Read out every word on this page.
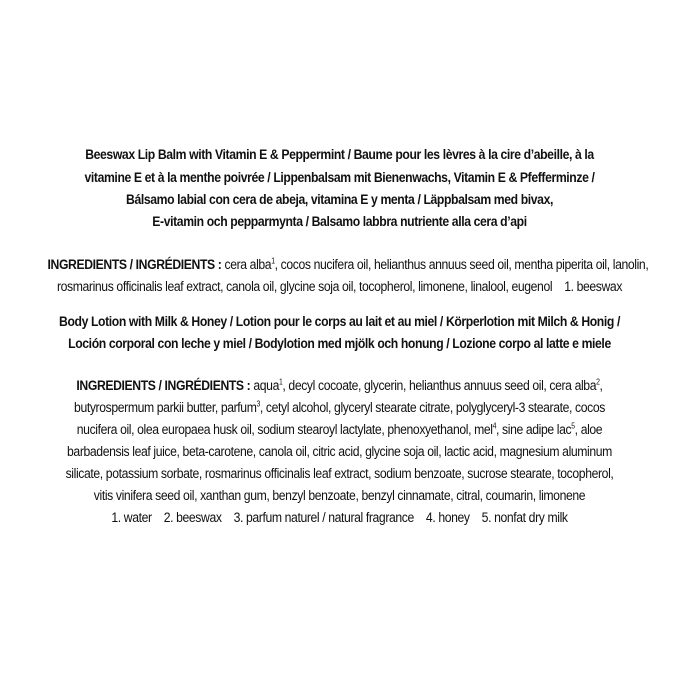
Beeswax Lip Balm with Vitamin E & Peppermint / Baume pour les lèvres à la cire d’abeille, à la
vitamine E et à la menthe poivrée / Lippenbalsam mit Bienenwachs, Vitamin E & Pfefferminze /
Bálsamo labial con cera de abeja, vitamina E y menta / Läppbalsam med bivax,
E-vitamin och pepparmynta / Balsamo labbra nutriente alla cera d’api
INGREDIENTS / INGRÉDIENTS : cera alba$^1$, cocos nucifera oil, helianthus annuus seed oil, mentha piperita oil, lanolin,
rosmarinus officinalis leaf extract, canola oil, glycine soja oil, tocopherol, limonene, linalool, eugenol 1. beeswax
Body Lotion with Milk & Honey / Lotion pour le corps au lait et au miel / Körperlotion mit Milch & Honig /
Loción corporal con leche y miel / Bodylotion med mjölk och honung / Lozione corpo al latte e miele
INGREDIENTS / INGRÉDIENTS : aqua$^1$, decyl cocoate, glycerin, helianthus annuus seed oil, cera alba$^2$,
butyrospermum parkii butter, parfum$^3$, cetyl alcohol, glyceryl stearate citrate, polyglyceryl-3 stearate, cocos
nucifera oil, olea europaea husk oil, sodium stearoyl lactylate, phenoxyethanol, mel$^4$, sine adipe lac$^5$, aloe
barbadensis leaf juice, beta-carotene, canola oil, citric acid, glycine soja oil, lactic acid, magnesium aluminum
silicate, potassium sorbate, rosmarinus officinalis leaf extract, sodium benzoate, sucrose stearate, tocopherol,
vitis vinifera seed oil, xanthan gum, benzyl benzoate, benzyl cinnamate, citral, coumarin, limonene
1. water 2. beeswax 3. parfum naturel / natural fragrance 4. honey 5. nonfat dry milk
